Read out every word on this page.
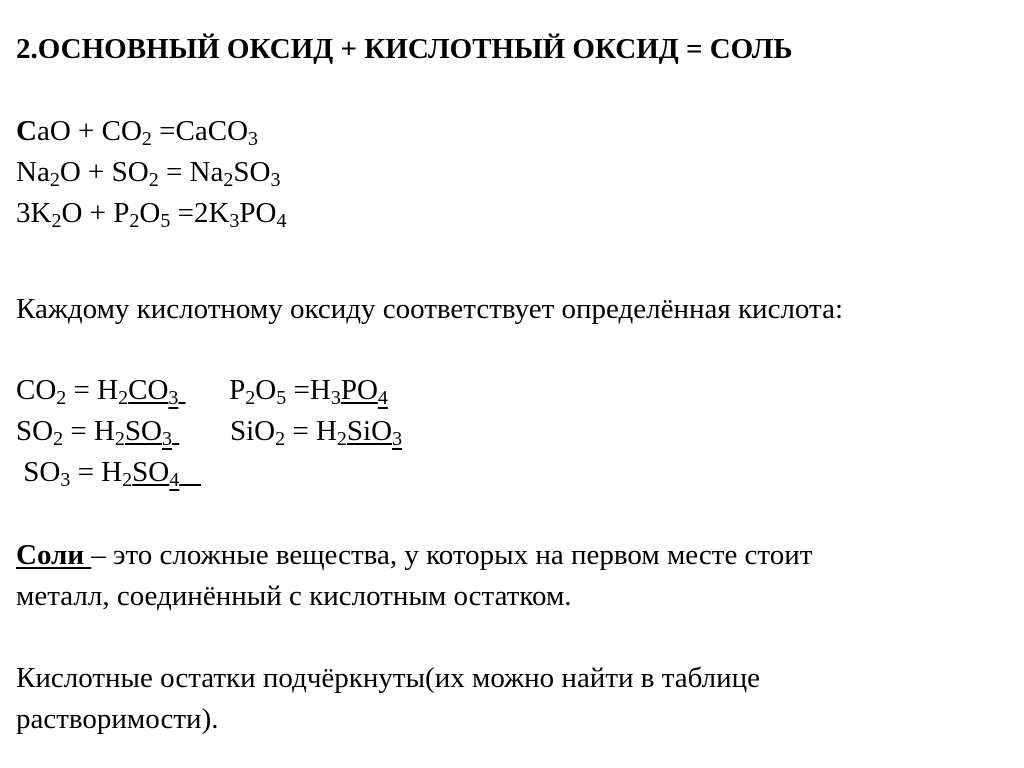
2.ОСНОВНЫЙ ОКСИД + КИСЛОТНЫЙ ОКСИД = СОЛЬ
CaO + $CO_2$ =CaCO$_3$
$Na_2O + SO_2 = Na_2SO_3$
$3K_2O + P_2O_5 =2K_3PO_4$
Каждому кислотному оксиду соответствует определённая кислота:
$CO_2 = H_2CO_3$       $P_2O_5 =H_3PO_4$
$SO_2 = H_2SO_3$        $SiO_2 = H_2SiO_3$
$SO_3 = H_2SO_4$
Соли – это сложные вещества, у которых на первом месте стоит
металл, соединённый с кислотным остатком.
Кислотные остатки подчёркнуты(их можно найти в таблице
растворимости).
